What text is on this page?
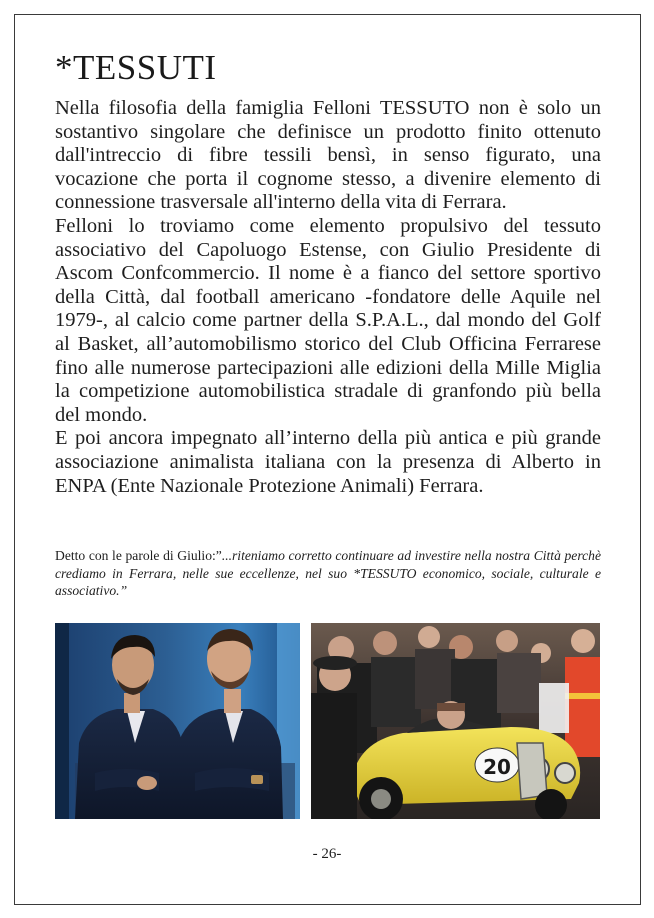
*TESSUTI

Nella filosofia della famiglia Felloni TESSUTO non è solo un sostantivo singolare che definisce un prodotto finito ottenuto dall'intreccio di fibre tessili bensì, in senso figurato, una vocazione che porta il cognome stesso, a divenire elemento di connessione trasversale all'interno della vita di Ferrara.

Felloni lo troviamo come elemento propulsivo del tessuto associativo del Capoluogo Estense, con Giulio Presidente di Ascom Confcommercio. Il nome è a fianco del settore sportivo della Città, dal football americano -fondatore delle Aquile nel 1979-, al calcio come partner della S.P.A.L., dal mondo del Golf al Basket, all’automobilismo storico del Club Officina Ferrarese fino alle numerose partecipazioni alle edizioni della Mille Miglia la competizione automobilistica stradale di granfondo più bella del mondo.

E poi ancora impegnato all’interno della più antica e più grande associazione animalista italiana con la presenza di Alberto in ENPA (Ente Nazionale Protezione Animali) Ferrara.

Detto con le parole di Giulio:”...riteniamo corretto continuare ad investire nella nostra Città perchè crediamo in Ferrara, nelle sue eccellenze, nel suo *TESSUTO economico, sociale, culturale e associativo.”

20
- 26-
